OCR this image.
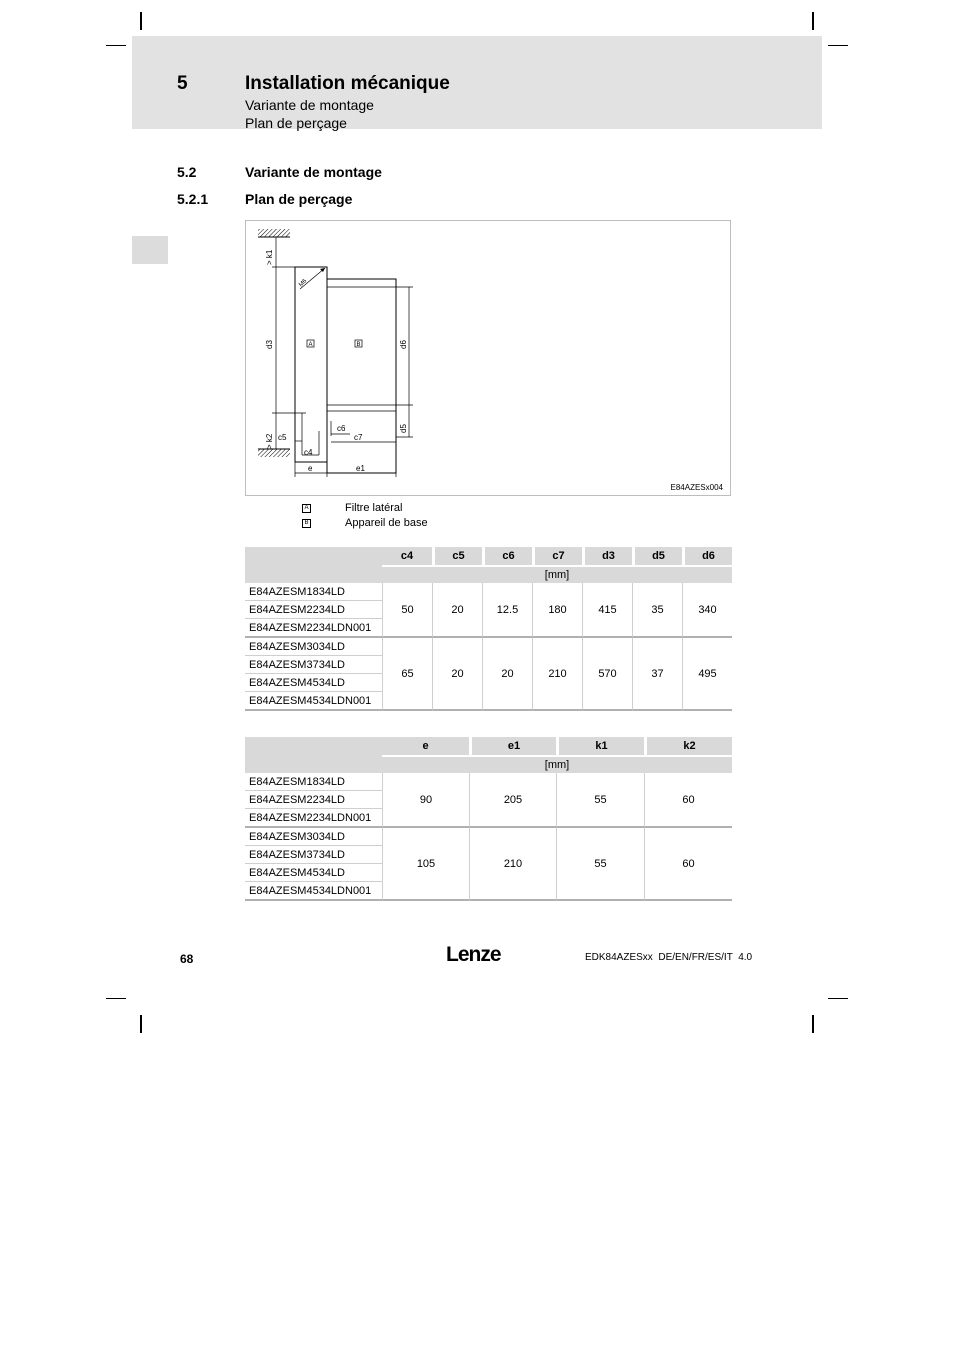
5	Installation mécanique
Variante de montage
Plan de perçage
5.2	Variante de montage
5.2.1	Plan de perçage
A	B
M6
> k1
d3
> k2
d6
d5
c5
c4
c6
c7
e	e1
E84AZESx004
A	Filtre latéral
B	Appareil de base
	c4	c5	c6	c7	d3	d5	d6
	[mm]						
E84AZESM1834LD	50	20	12.5	180	415	35	340
E84AZESM2234LD							
E84AZESM2234LDN001							
E84AZESM3034LD	65	20	20	210	570	37	495
E84AZESM3734LD							
E84AZESM4534LD							
E84AZESM4534LDN001							
	e	e1	k1	k2
	[mm]			
E84AZESM1834LD	90	205	55	60
E84AZESM2234LD				
E84AZESM2234LDN001				
E84AZESM3034LD	105	210	55	60
E84AZESM3734LD				
E84AZESM4534LD				
E84AZESM4534LDN001				
68	Lenze	EDK84AZESxx  DE/EN/FR/ES/IT  4.0
